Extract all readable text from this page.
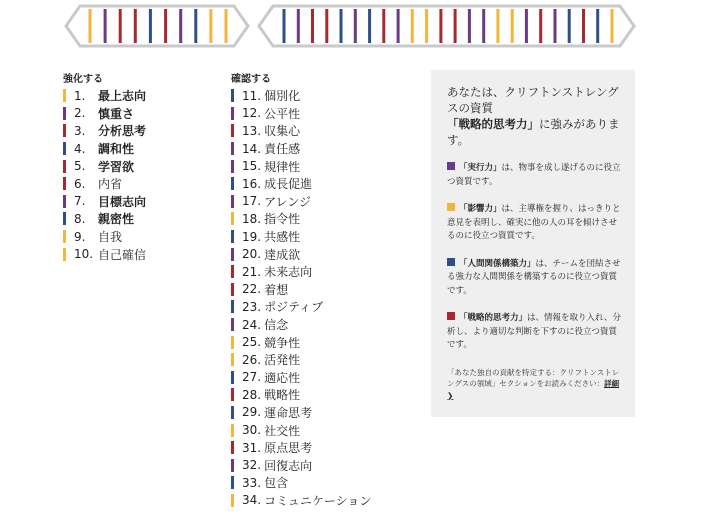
強化する
1.	最上志向
2.	慎重さ
3.	分析思考
4.	調和性
5.	学習欲
6.	内省
7.	目標志向
8.	親密性
9.	自我
10. 自己確信
確認する
11. 個別化
12. 公平性
13. 収集心
14. 責任感
15. 規律性
16. 成長促進
17. アレンジ
18. 指令性
19. 共感性
20. 達成欲
21. 未来志向
22. 着想
23. ポジティブ
24. 信念
25. 競争性
26. 活発性
27. 適応性
28. 戦略性
29. 運命思考
30. 社交性
31. 原点思考
32. 回復志向
33. 包含
34. コミュニケーション
あなたは、クリフトンストレングスの資質
「戦略的思考力」に強みがあります。
「実行力」は、物事を成し遂げるのに役立つ資質です。
「影響力」は、主導権を握り、はっきりと意見を表明し、確実に他の人の耳を傾けさせるのに役立つ資質です。
「人間関係構築力」は、チームを団結させる強力な人間関係を構築するのに役立つ資質です。
「戦略的思考力」は、情報を取り入れ、分析し、より適切な判断を下すのに役立つ資質です。
「あなた独自の貢献を特定する：クリフトンストレングスの領域」セクションをお読みください：詳細 ❯
